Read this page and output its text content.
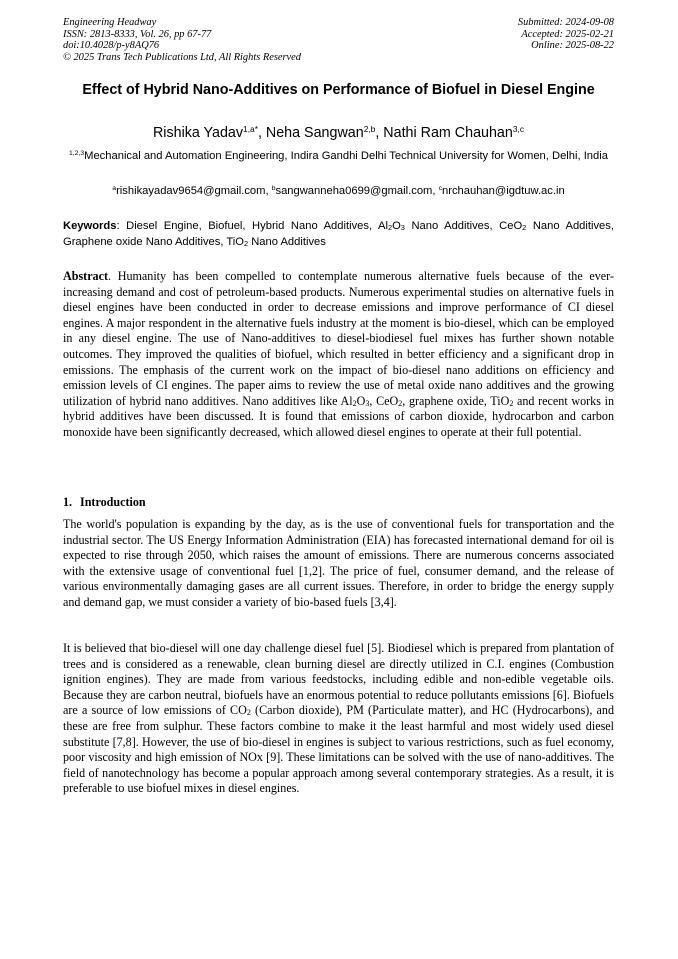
Engineering Headway
ISSN: 2813-8333, Vol. 26, pp 67-77
doi:10.4028/p-y8AQ76
© 2025 Trans Tech Publications Ltd, All Rights Reserved
Submitted: 2024-09-08
Accepted: 2025-02-21
Online: 2025-08-22
Effect of Hybrid Nano-Additives on Performance of Biofuel in Diesel Engine
Rishika Yadav$^{1,a*}$, Neha Sangwan$^{2,b}$, Nathi Ram Chauhan$^{3,c}$
$^{1,2,3}$Mechanical and Automation Engineering, Indira Gandhi Delhi Technical University for Women, Delhi, India
$^a$rishikayadav9654@gmail.com, $^b$sangwanneha0699@gmail.com, $^c$nrchauhan@igdtuw.ac.in
Keywords: Diesel Engine, Biofuel, Hybrid Nano Additives, $Al_2O_3$ Nano Additives, CeO$_2$ Nano Additives, Graphene oxide Nano Additives, TiO$_2$ Nano Additives
Abstract. Humanity has been compelled to contemplate numerous alternative fuels because of the ever-increasing demand and cost of petroleum-based products. Numerous experimental studies on alternative fuels in diesel engines have been conducted in order to decrease emissions and improve performance of CI diesel engines. A major respondent in the alternative fuels industry at the moment is bio-diesel, which can be employed in any diesel engine. The use of Nano-additives to diesel-biodiesel fuel mixes has further shown notable outcomes. They improved the qualities of biofuel, which resulted in better efficiency and a significant drop in emissions. The emphasis of the current work on the impact of bio-diesel nano additions on efficiency and emission levels of CI engines. The paper aims to review the use of metal oxide nano additives and the growing utilization of hybrid nano additives. Nano additives like $Al_2O_3$, CeO$_2$, graphene oxide, TiO$_2$ and recent works in hybrid additives have been discussed. It is found that emissions of carbon dioxide, hydrocarbon and carbon monoxide have been significantly decreased, which allowed diesel engines to operate at their full potential.
1. Introduction
The world's population is expanding by the day, as is the use of conventional fuels for transportation and the industrial sector. The US Energy Information Administration (EIA) has forecasted international demand for oil is expected to rise through 2050, which raises the amount of emissions. There are numerous concerns associated with the extensive usage of conventional fuel [1,2]. The price of fuel, consumer demand, and the release of various environmentally damaging gases are all current issues. Therefore, in order to bridge the energy supply and demand gap, we must consider a variety of bio-based fuels [3,4].
It is believed that bio-diesel will one day challenge diesel fuel [5]. Biodiesel which is prepared from plantation of trees and is considered as a renewable, clean burning diesel are directly utilized in C.I. engines (Combustion ignition engines). They are made from various feedstocks, including edible and non-edible vegetable oils. Because they are carbon neutral, biofuels have an enormous potential to reduce pollutants emissions [6]. Biofuels are a source of low emissions of $CO_2$ (Carbon dioxide), PM (Particulate matter), and HC (Hydrocarbons), and these are free from sulphur. These factors combine to make it the least harmful and most widely used diesel substitute [7,8]. However, the use of bio-diesel in engines is subject to various restrictions, such as fuel economy, poor viscosity and high emission of NOx [9]. These limitations can be solved with the use of nano-additives. The field of nanotechnology has become a popular approach among several contemporary strategies. As a result, it is preferable to use biofuel mixes in diesel engines.
